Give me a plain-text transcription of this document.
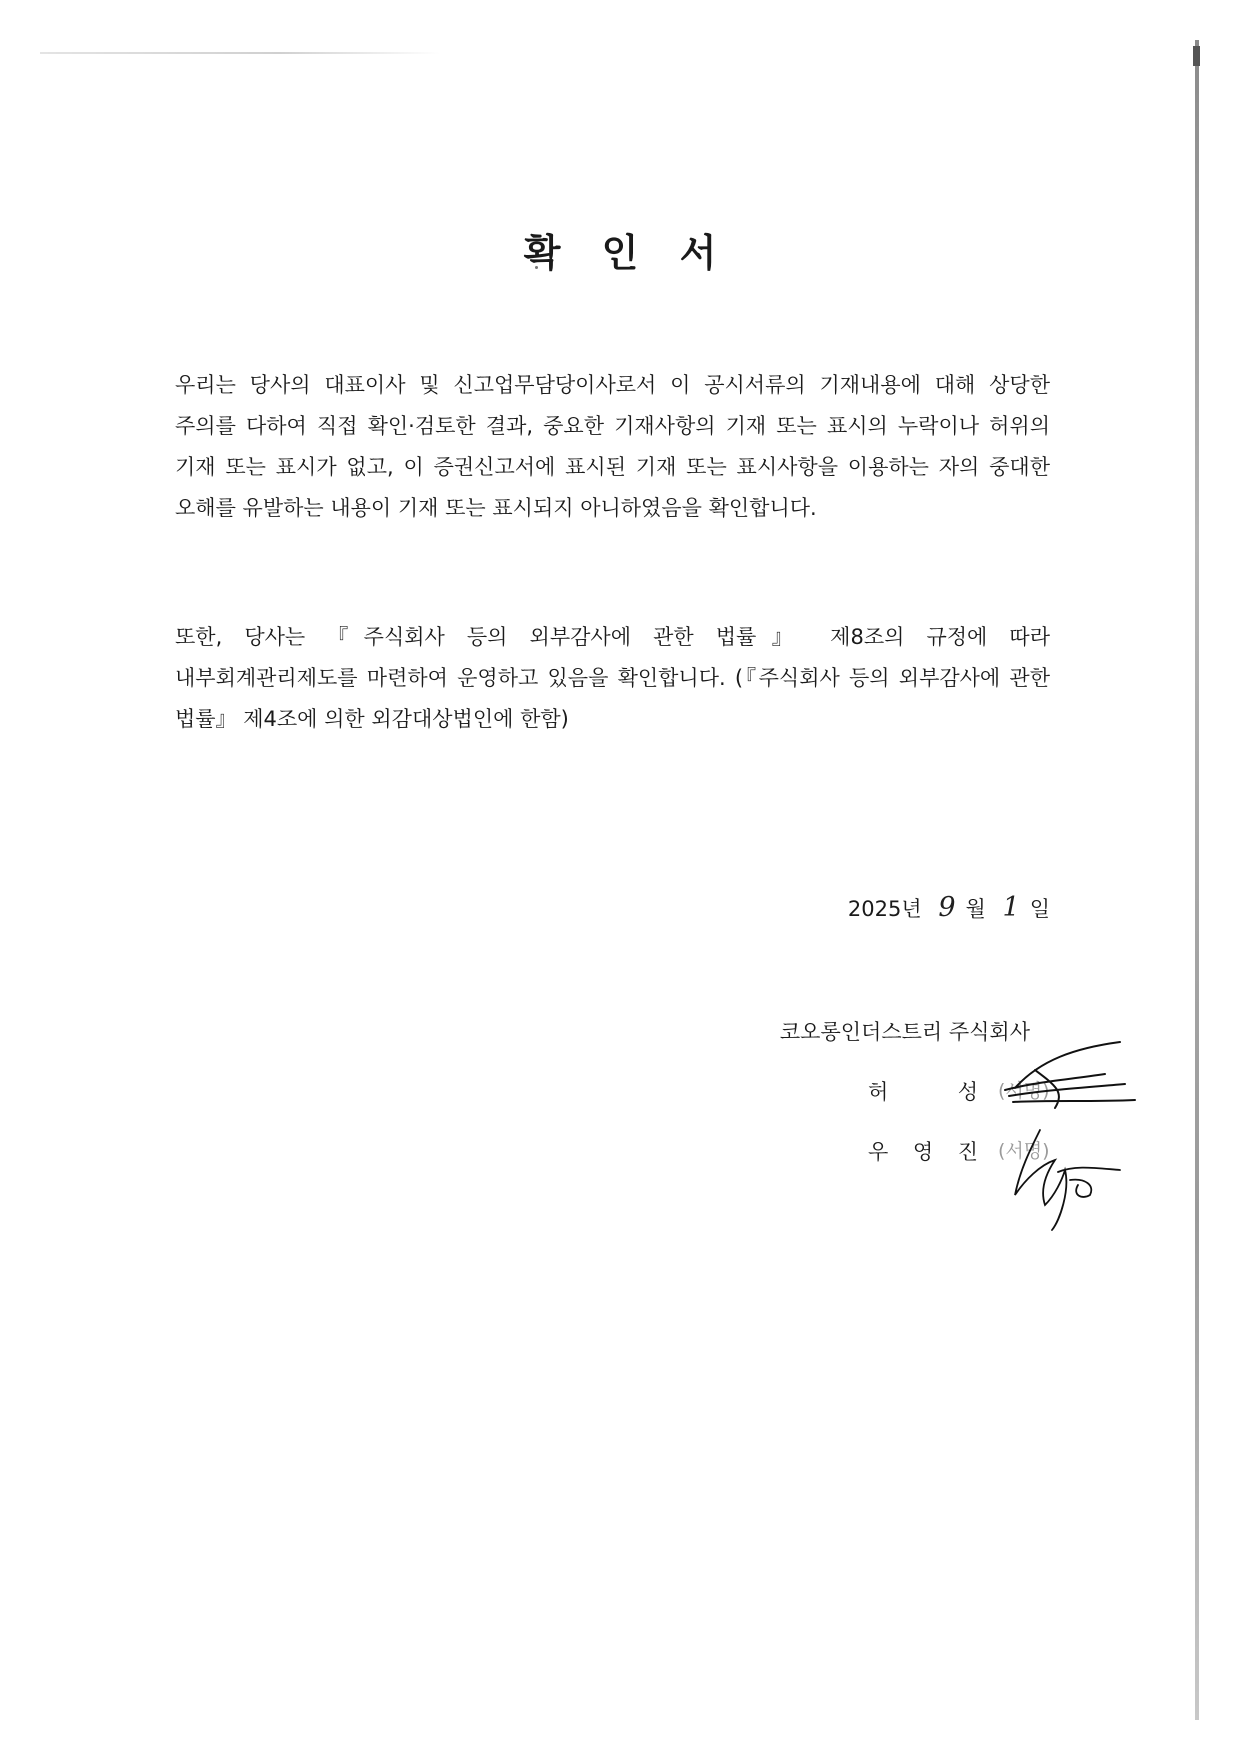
확 인 서

우리는 당사의 대표이사 및 신고업무담당이사로서 이 공시서류의 기재내용에 대해 상당한 주의를 다하여 직접 확인·검토한 결과, 중요한 기재사항의 기재 또는 표시의 누락이나 허위의 기재 또는 표시가 없고, 이 증권신고서에 표시된 기재 또는 표시사항을 이용하는 자의 중대한 오해를 유발하는 내용이 기재 또는 표시되지 아니하였음을 확인합니다.

또한, 당사는 『주식회사 등의 외부감사에 관한 법률』 제8조의 규정에 따라 내부회계관리제도를 마련하여 운영하고 있음을 확인합니다. (『주식회사 등의 외부감사에 관한 법률』 제4조에 의한 외감대상법인에 한함)

2025년 9 월 1 일
코오롱인더스트리 주식회사
허	성 (서명)
우 영 진 (서명)
